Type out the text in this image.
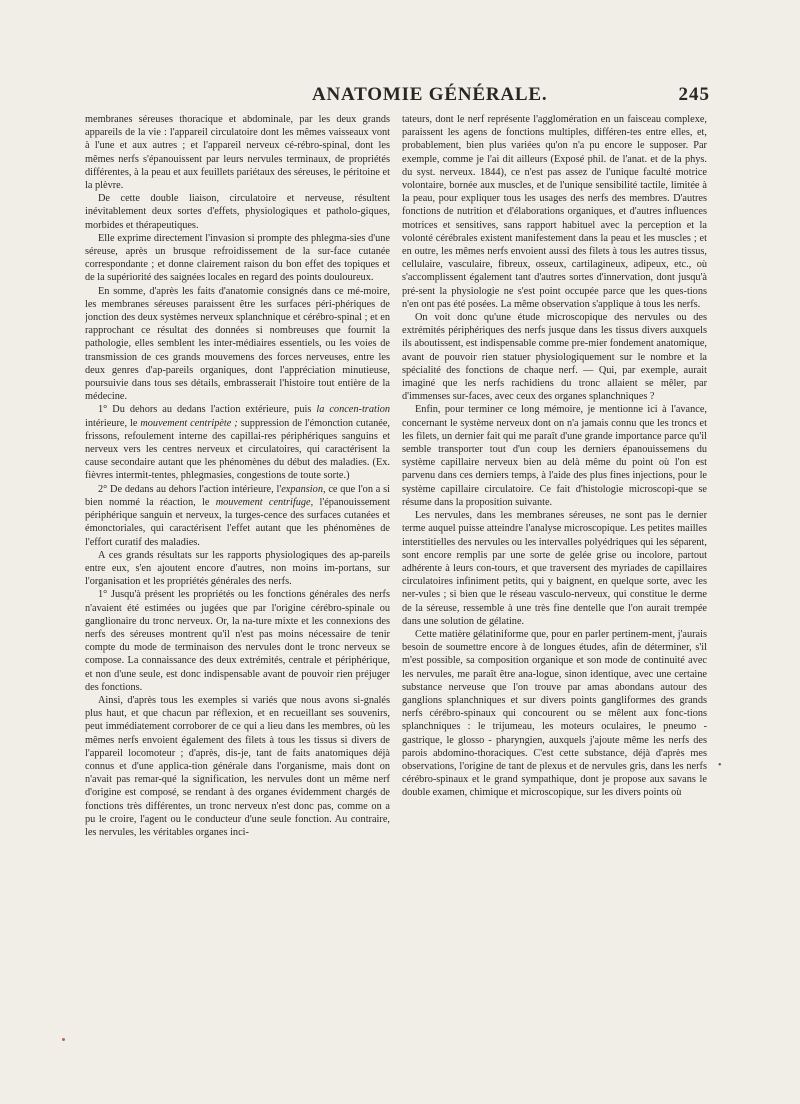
ANATOMIE GÉNÉRALE.	245

membranes séreuses thoracique et abdominale, par les deux grands appareils de la vie : l'appareil circulatoire dont les mêmes vaisseaux vont à l'une et aux autres ; et l'appareil nerveux cé-rébro-spinal, dont les mêmes nerfs s'épanouissent par leurs nervules terminaux, de propriétés différentes, à la peau et aux feuillets pariétaux des séreuses, le péritoine et la plèvre.

De cette double liaison, circulatoire et nerveuse, résultent inévitablement deux sortes d'effets, physiologiques et patholo-giques, morbides et thérapeutiques.

Elle exprime directement l'invasion si prompte des phlegma-sies d'une séreuse, après un brusque refroidissement de la sur-face cutanée correspondante ; et donne clairement raison du bon effet des topiques et de la supériorité des saignées locales en regard des points douloureux.

En somme, d'après les faits d'anatomie consignés dans ce mé-moire, les membranes séreuses paraissent être les surfaces péri-phériques de jonction des deux systèmes nerveux splanchnique et cérébro-spinal ; et en rapprochant ce résultat des données si nombreuses que fournit la pathologie, elles semblent les inter-médiaires essentiels, ou les voies de transmission de ces grands mouvemens des forces nerveuses, entre les deux genres d'ap-pareils organiques, dont l'appréciation minutieuse, poursuivie dans tous ses détails, embrasserait l'histoire tout entière de la médecine.

1° Du dehors au dedans l'action extérieure, puis la concen-tration intérieure, le mouvement centripète ; suppression de l'émonction cutanée, frissons, refoulement interne des capillai-res périphériques sanguins et nerveux vers les centres nerveux et circulatoires, qui caractérisent la cause secondaire autant que les phénomènes du début des maladies. (Ex. fièvres intermit-tentes, phlegmasies, congestions de toute sorte.)

2° De dedans au dehors l'action intérieure, l'expansion, ce que l'on a si bien nommé la réaction, le mouvement centrifuge, l'épanouissement périphérique sanguin et nerveux, la turges-cence des surfaces cutanées et émonctoriales, qui caractérisent l'effet autant que les phénomènes de l'effort curatif des maladies.

A ces grands résultats sur les rapports physiologiques des ap-pareils entre eux, s'en ajoutent encore d'autres, non moins im-portans, sur l'organisation et les propriétés générales des nerfs.

1° Jusqu'à présent les propriétés ou les fonctions générales des nerfs n'avaient été estimées ou jugées que par l'origine cérébro-spinale ou ganglionaire du tronc nerveux. Or, la na-ture mixte et les connexions des nerfs des séreuses montrent qu'il n'est pas moins nécessaire de tenir compte du mode de terminaison des nervules dont le tronc nerveux se compose. La connaissance des deux extrémités, centrale et périphérique, et non d'une seule, est donc indispensable avant de pouvoir rien préjuger des fonctions.

Ainsi, d'après tous les exemples si variés que nous avons si-gnalés plus haut, et que chacun par réflexion, et en recueillant ses souvenirs, peut immédiatement corroborer de ce qui a lieu dans les membres, où les mêmes nerfs envoient également des filets à tous les tissus si divers de l'appareil locomoteur ; d'après, dis-je, tant de faits anatomiques déjà connus et d'une applica-tion générale dans l'organisme, mais dont on n'avait pas remar-qué la signification, les nervules dont un même nerf d'origine est composé, se rendant à des organes évidemment chargés de fonctions très différentes, un tronc nerveux n'est donc pas, comme on a pu le croire, l'agent ou le conducteur d'une seule fonction. Au contraire, les nervules, les véritables organes inci-

tateurs, dont le nerf représente l'agglomération en un faisceau complexe, paraissent les agens de fonctions multiples, différen-tes entre elles, et, probablement, bien plus variées qu'on n'a pu encore le supposer. Par exemple, comme je l'ai dit ailleurs (Exposé phil. de l'anat. et de la phys. du syst. nerveux. 1844), ce n'est pas assez de l'unique faculté motrice volontaire, bornée aux muscles, et de l'unique sensibilité tactile, limitée à la peau, pour expliquer tous les usages des nerfs des membres. D'autres fonctions de nutrition et d'élaborations organiques, et d'autres influences motrices et sensitives, sans rapport habituel avec la perception et la volonté cérébrales existent manifestement dans la peau et les muscles ; et en outre, les mêmes nerfs envoient aussi des filets à tous les autres tissus, cellulaire, vasculaire, fibreux, osseux, cartilagineux, adipeux, etc., où s'accomplissent également tant d'autres sortes d'innervation, dont jusqu'à pré-sent la physiologie ne s'est point occupée parce que les ques-tions n'en ont pas été posées. La même observation s'applique à tous les nerfs.

On voit donc qu'une étude microscopique des nervules ou des extrémités périphériques des nerfs jusque dans les tissus divers auxquels ils aboutissent, est indispensable comme pre-mier fondement anatomique, avant de pouvoir rien statuer physiologiquement sur le nombre et la spécialité des fonctions de chaque nerf. — Qui, par exemple, aurait imaginé que les nerfs rachidiens du tronc allaient se mêler, par d'immenses sur-faces, avec ceux des organes splanchniques ?

Enfin, pour terminer ce long mémoire, je mentionne ici à l'avance, concernant le système nerveux dont on n'a jamais connu que les troncs et les filets, un dernier fait qui me paraît d'une grande importance parce qu'il semble transporter tout d'un coup les derniers épanouissemens du système capillaire nerveux bien au delà même du point où l'on est parvenu dans ces derniers temps, à l'aide des plus fines injections, pour le système capillaire circulatoire. Ce fait d'histologie microscopi-que se résume dans la proposition suivante.

Les nervules, dans les membranes séreuses, ne sont pas le dernier terme auquel puisse atteindre l'analyse microscopique. Les petites mailles interstitielles des nervules ou les intervalles polyédriques qui les séparent, sont encore remplis par une sorte de gelée grise ou incolore, partout adhérente à leurs con-tours, et que traversent des myriades de capillaires circulatoires infiniment petits, qui y baignent, en quelque sorte, avec les ner-vules ; si bien que le réseau vasculo-nerveux, qui constitue le derme de la séreuse, ressemble à une très fine dentelle que l'on aurait trempée dans une solution de gélatine.

Cette matière gélatiniforme que, pour en parler pertinem-ment, j'aurais besoin de soumettre encore à de longues études, afin de déterminer, s'il m'est possible, sa composition organique et son mode de continuité avec les nervules, me paraît être ana-logue, sinon identique, avec une certaine substance nerveuse que l'on trouve par amas abondans autour des ganglions splanchniques et sur divers points gangliformes des grands nerfs cérébro-spinaux qui concourent ou se mêlent aux fonc-tions splanchniques : le trijumeau, les moteurs oculaires, le pneumo - gastrique, le glosso - pharyngien, auxquels j'ajoute même les nerfs des parois abdomino-thoraciques. C'est cette substance, déjà d'après mes observations, l'origine de tant de plexus et de nervules gris, dans les nerfs cérébro-spinaux et le grand sympathique, dont je propose aux savans le double examen, chimique et microscopique, sur les divers points où

•
